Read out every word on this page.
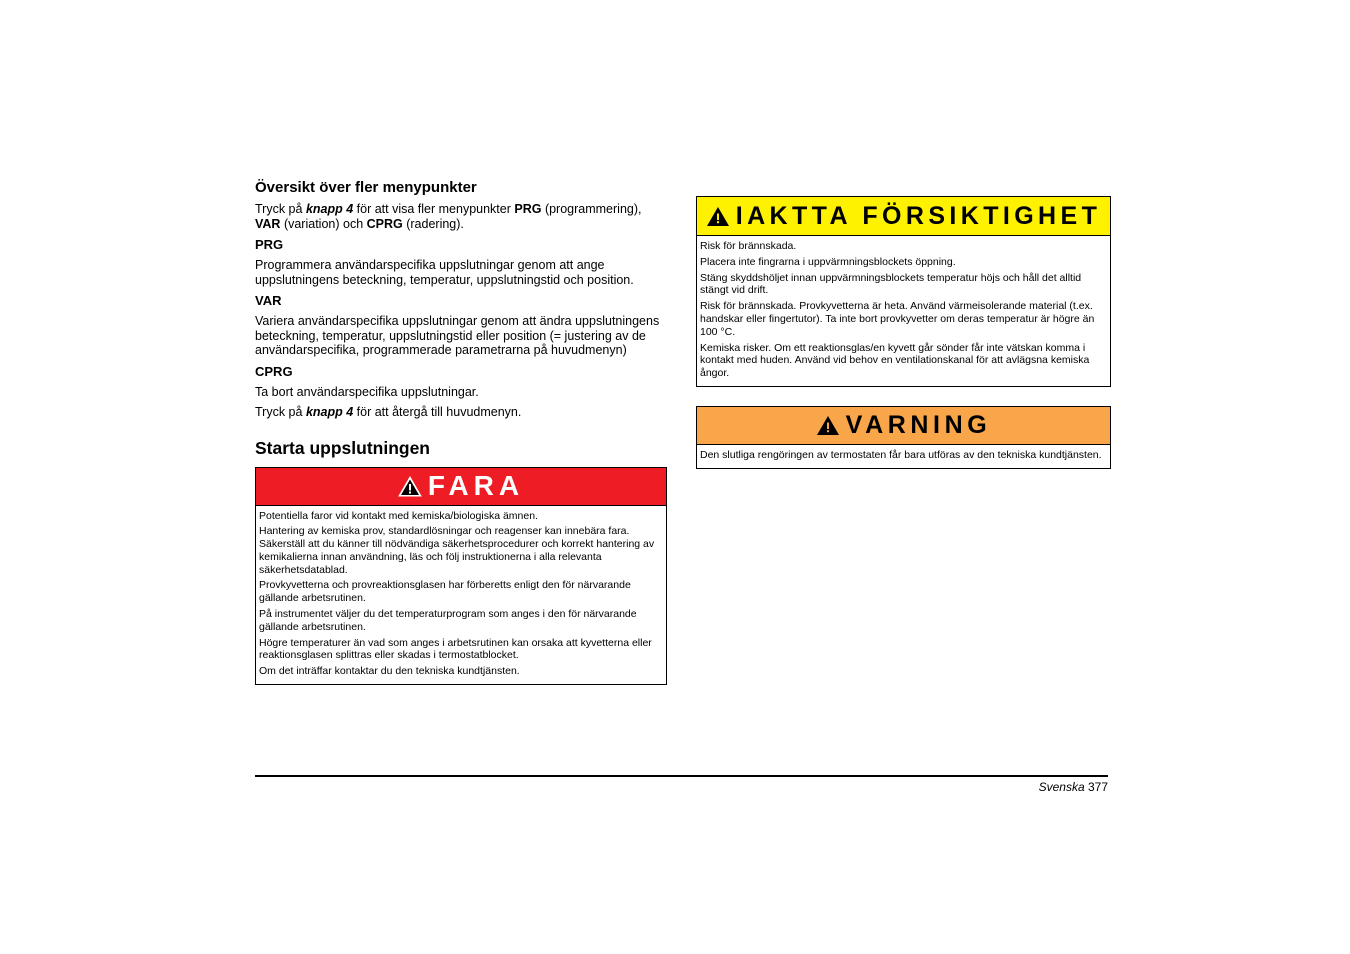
Översikt över fler menypunkter

Tryck på knapp 4 för att visa fler menypunkter PRG (programmering),
VAR (variation) och CPRG (radering).

PRG

Programmera användarspecifika uppslutningar genom att ange uppslutningens beteckning, temperatur, uppslutningstid och position.

VAR

Variera användarspecifika uppslutningar genom att ändra uppslutningens beteckning, temperatur, uppslutningstid eller position (= justering av de användarspecifika, programmerade parametrarna på huvudmenyn)

CPRG

Ta bort användarspecifika uppslutningar.

Tryck på knapp 4 för att återgå till huvudmenyn.

Starta uppslutningen
FARA

Potentiella faror vid kontakt med kemiska/biologiska ämnen.

Hantering av kemiska prov, standardlösningar och reagenser kan innebära fara. Säkerställ att du känner till nödvändiga säkerhetsprocedurer och korrekt hantering av kemikalierna innan användning, läs och följ instruktionerna i alla relevanta säkerhetsdatablad.

Provkyvetterna och provreaktionsglasen har förberetts enligt den för närvarande gällande arbetsrutinen.

På instrumentet väljer du det temperaturprogram som anges i den för närvarande gällande arbetsrutinen.

Högre temperaturer än vad som anges i arbetsrutinen kan orsaka att kyvetterna eller reaktionsglasen splittras eller skadas i termostatblocket.

Om det inträffar kontaktar du den tekniska kundtjänsten.

IAKTTA FÖRSIKTIGHET

Risk för brännskada.

Placera inte fingrarna i uppvärmningsblockets öppning.

Stäng skyddshöljet innan uppvärmningsblockets temperatur höjs och håll det alltid stängt vid drift.

Risk för brännskada. Provkyvetterna är heta. Använd värmeisolerande material (t.ex. handskar eller fingertutor). Ta inte bort provkyvetter om deras temperatur är högre än 100 °C.

Kemiska risker. Om ett reaktionsglas/en kyvett går sönder får inte vätskan komma i kontakt med huden. Använd vid behov en ventilationskanal för att avlägsna kemiska ångor.

VARNING

Den slutliga rengöringen av termostaten får bara utföras av den tekniska kundtjänsten.

Svenska 377
